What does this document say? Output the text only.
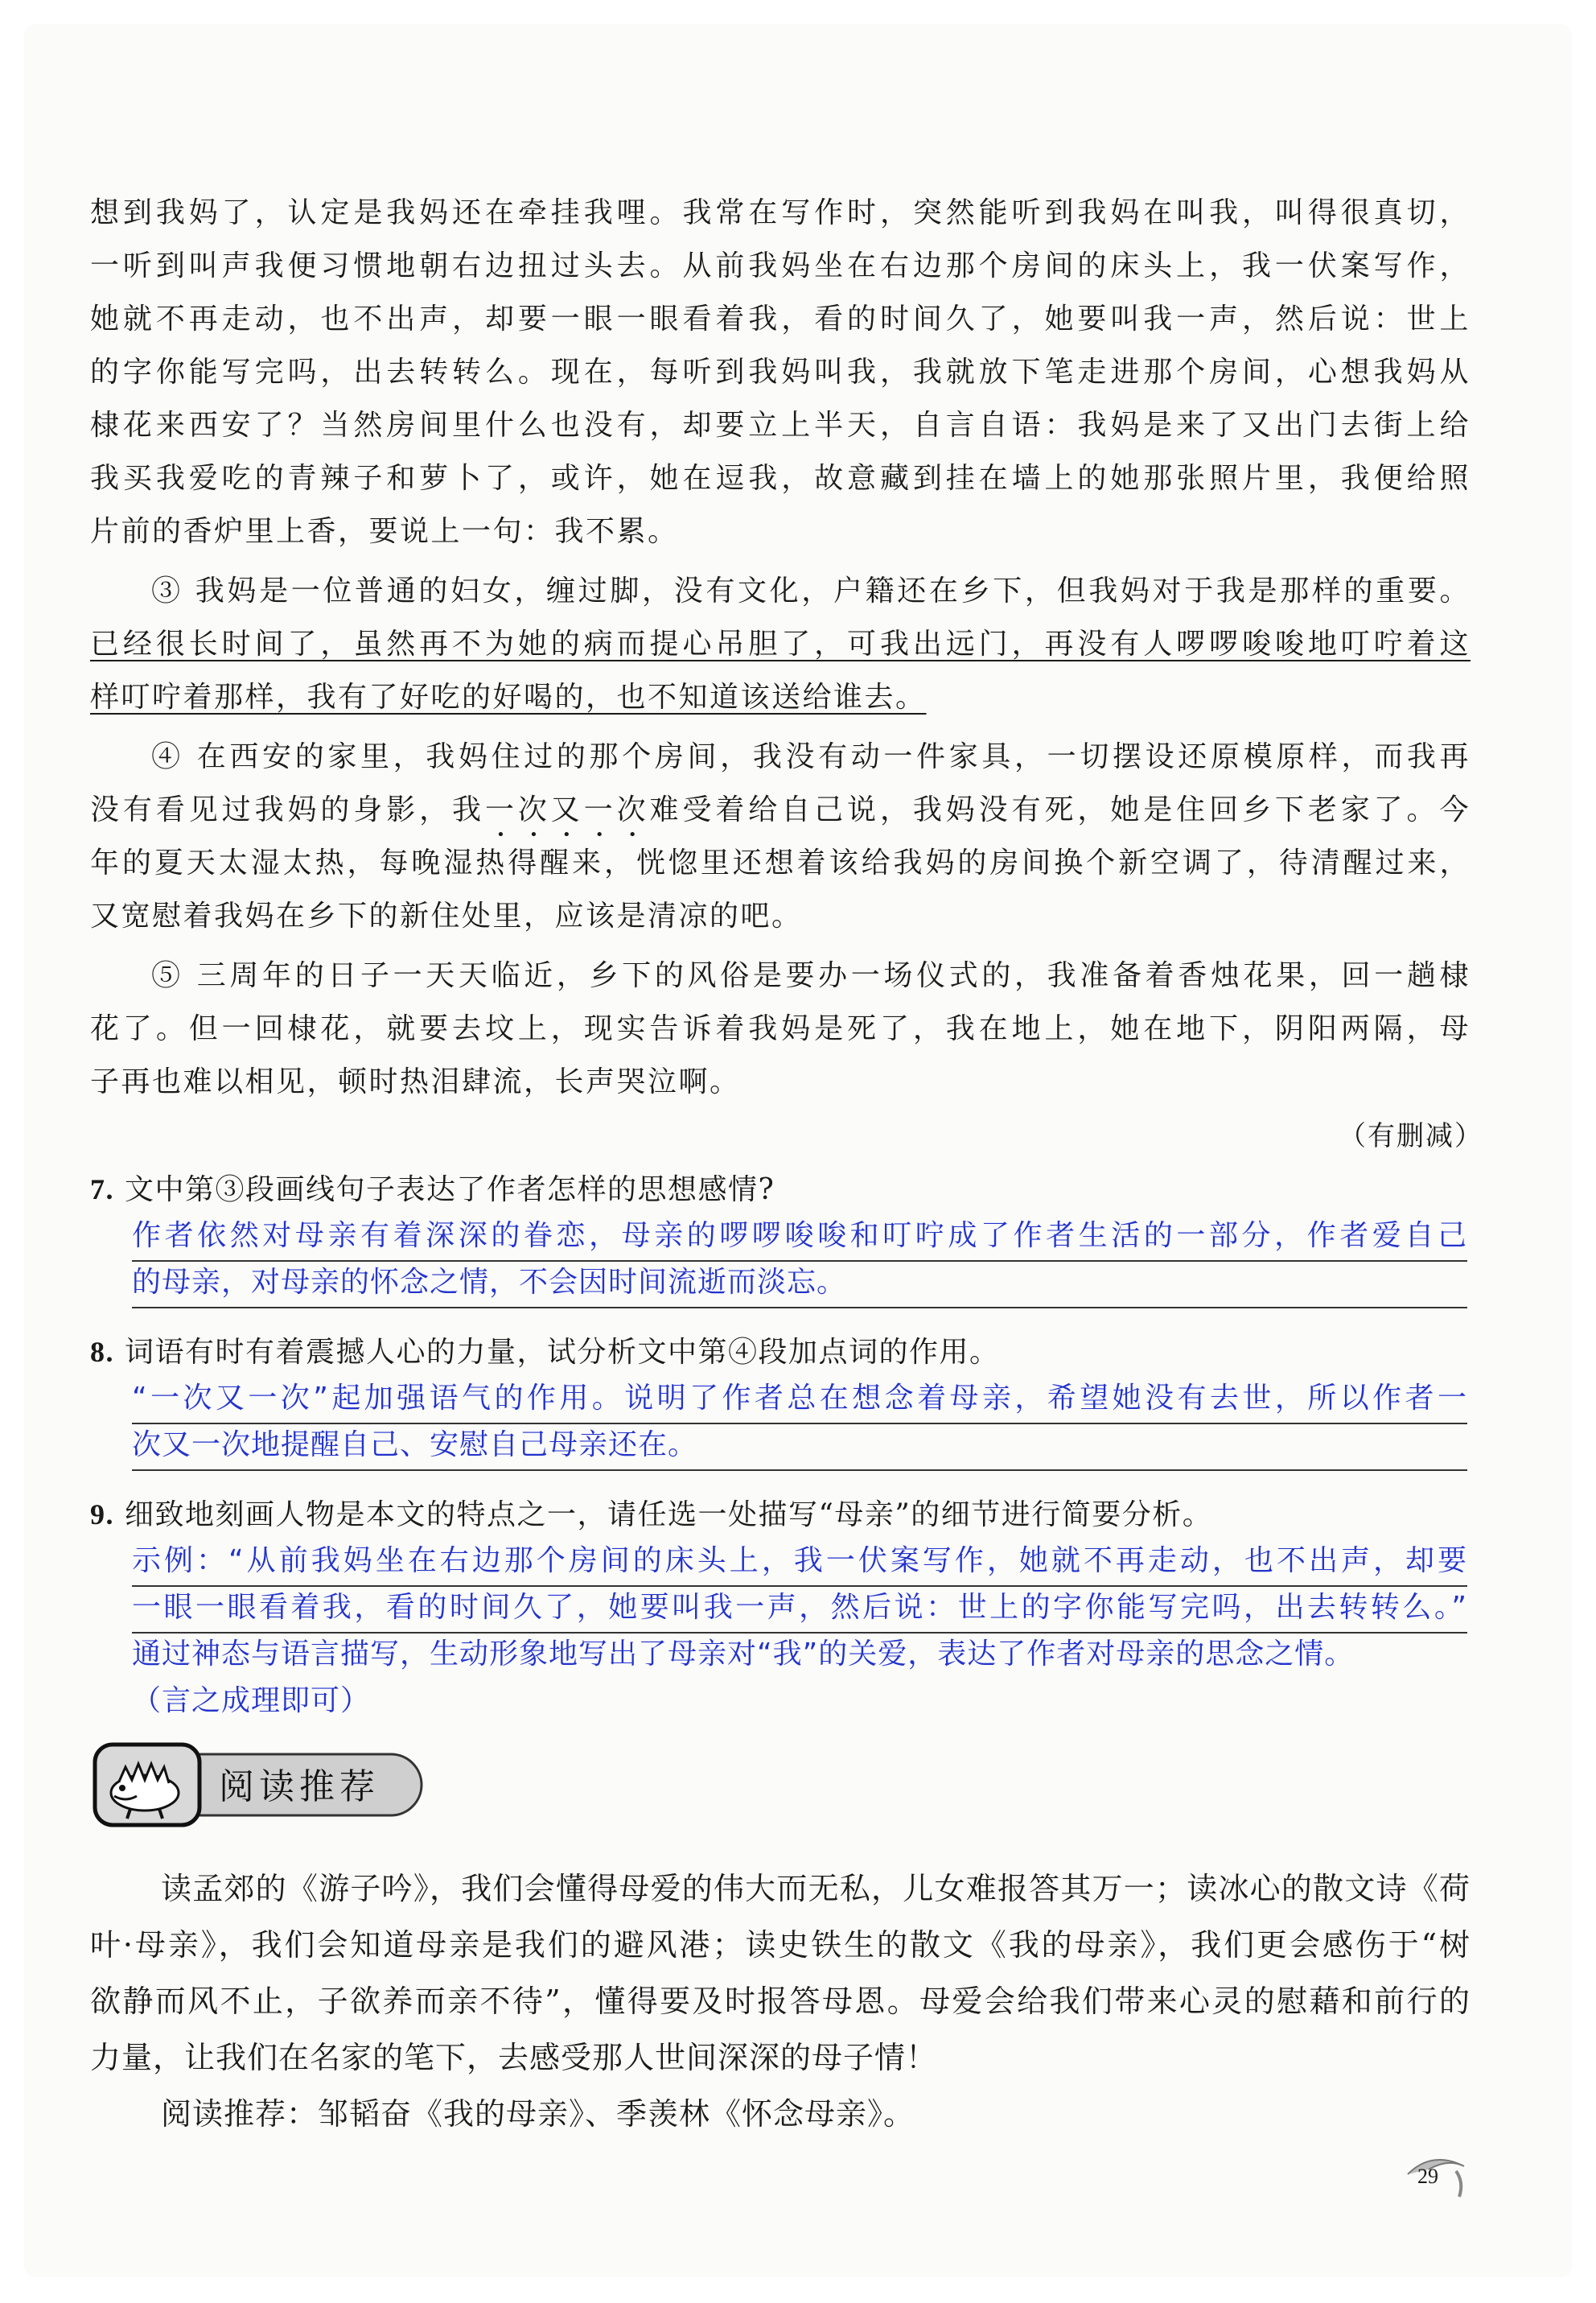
想到我妈了，认定是我妈还在牵挂我哩。我常在写作时，突然能听到我妈在叫我，叫得很真切，
一听到叫声我便习惯地朝右边扭过头去。从前我妈坐在右边那个房间的床头上，我一伏案写作，
她就不再走动，也不出声，却要一眼一眼看着我，看的时间久了，她要叫我一声，然后说：世上
的字你能写完吗，出去转转么。现在，每听到我妈叫我，我就放下笔走进那个房间，心想我妈从
棣花来西安了？当然房间里什么也没有，却要立上半天，自言自语：我妈是来了又出门去街上给
我买我爱吃的青辣子和萝卜了，或许，她在逗我，故意藏到挂在墙上的她那张照片里，我便给照
片前的香炉里上香，要说上一句：我不累。
③ 我妈是一位普通的妇女，缠过脚，没有文化，户籍还在乡下，但我妈对于我是那样的重要。
已经很长时间了，虽然再不为她的病而提心吊胆了，可我出远门，再没有人啰啰唆唆地叮咛着这
样叮咛着那样，我有了好吃的好喝的，也不知道该送给谁去。
④ 在西安的家里，我妈住过的那个房间，我没有动一件家具，一切摆设还原模原样，而我再
没有看见过我妈的身影，我一次又一次难受着给自己说，我妈没有死，她是住回乡下老家了。今
年的夏天太湿太热，每晚湿热得醒来，恍惚里还想着该给我妈的房间换个新空调了，待清醒过来，
又宽慰着我妈在乡下的新住处里，应该是清凉的吧。
⑤ 三周年的日子一天天临近，乡下的风俗是要办一场仪式的，我准备着香烛花果，回一趟棣
花了。但一回棣花，就要去坟上，现实告诉着我妈是死了，我在地上，她在地下，阴阳两隔，母
子再也难以相见，顿时热泪肆流，长声哭泣啊。
（有删减）
7. 文中第③段画线句子表达了作者怎样的思想感情?
作者依然对母亲有着深深的眷恋，母亲的啰啰唆唆和叮咛成了作者生活的一部分，作者爱自己
的母亲，对母亲的怀念之情，不会因时间流逝而淡忘。
8. 词语有时有着震撼人心的力量，试分析文中第④段加点词的作用。
“一次又一次”起加强语气的作用。说明了作者总在想念着母亲，希望她没有去世，所以作者一
次又一次地提醒自己、安慰自己母亲还在。
9. 细致地刻画人物是本文的特点之一，请任选一处描写“母亲”的细节进行简要分析。
示例：“从前我妈坐在右边那个房间的床头上，我一伏案写作，她就不再走动，也不出声，却要
一眼一眼看着我，看的时间久了，她要叫我一声，然后说：世上的字你能写完吗，出去转转么。”
通过神态与语言描写，生动形象地写出了母亲对“我”的关爱，表达了作者对母亲的思念之情。
（言之成理即可）
阅读推荐
读孟郊的《游子吟》，我们会懂得母爱的伟大而无私，儿女难报答其万一；读冰心的散文诗《荷
叶·母亲》，我们会知道母亲是我们的避风港；读史铁生的散文《我的母亲》，我们更会感伤于“树
欲静而风不止，子欲养而亲不待”，懂得要及时报答母恩。母爱会给我们带来心灵的慰藉和前行的
力量，让我们在名家的笔下，去感受那人世间深深的母子情！
阅读推荐：邹韬奋《我的母亲》、季羡林《怀念母亲》。
29
